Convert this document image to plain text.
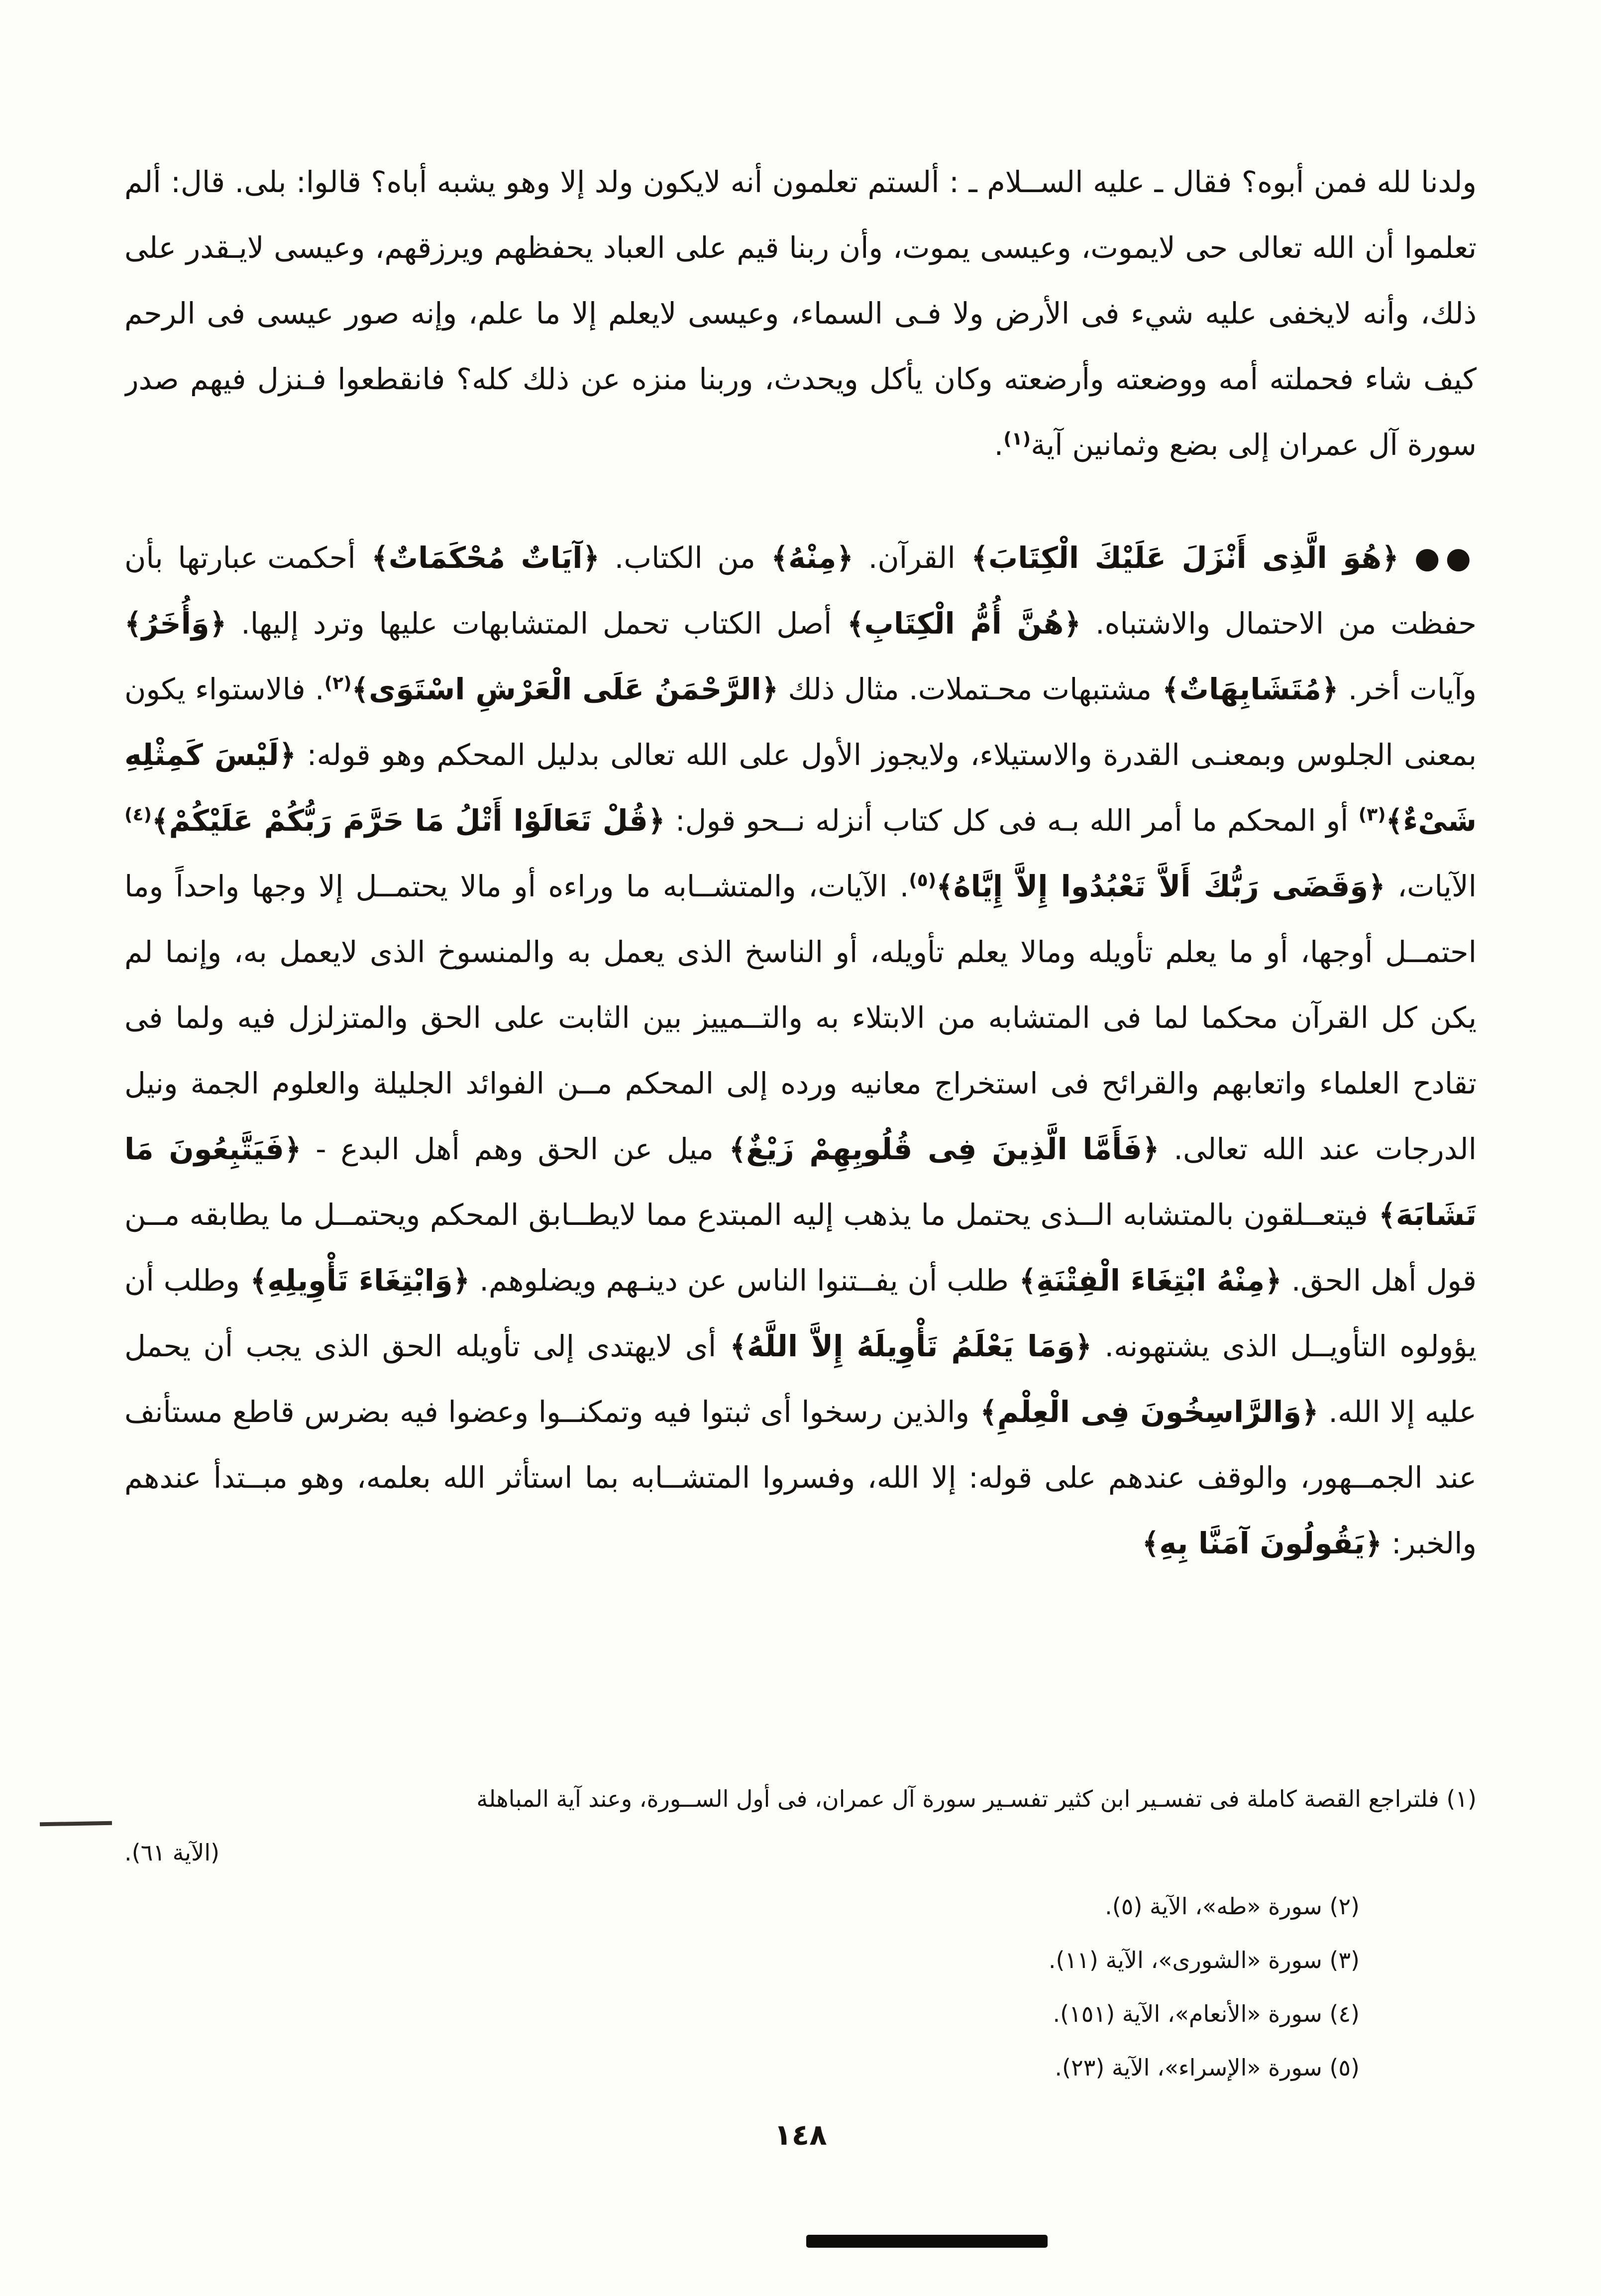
ولدنا لله فمن أبوه؟ فقال ـ عليه الســلام ـ : ألستم تعلمون أنه لايكون ولد إلا وهو يشبه أباه؟ قالوا: بلى. قال: ألم تعلموا أن الله تعالى حى لايموت، وعيسى يموت، وأن ربنا قيم على العباد يحفظهم ويرزقهم، وعيسى لايـقدر على ذلك، وأنه لايخفى عليه شيء فى الأرض ولا فـى السماء، وعيسى لايعلم إلا ما علم، وإنه صور عيسى فى الرحم كيف شاء فحملته أمه ووضعته وأرضعته وكان يأكل ويحدث، وربنا منزه عن ذلك كله؟ فانقطعوا فـنزل فيهم صدر سورة آل عمران إلى بضع وثمانين آية$^{(١)}$.

●● ﴿هُوَ الَّذِى أَنْزَلَ عَلَيْكَ الْكِتَابَ﴾ القرآن. ﴿مِنْهُ﴾ من الكتاب. ﴿آيَاتٌ مُحْكَمَاتٌ﴾ أحكمت عبارتها بأن حفظت من الاحتمال والاشتباه. ﴿هُنَّ أُمُّ الْكِتَابِ﴾ أصل الكتاب تحمل المتشابهات عليها وترد إليها. ﴿وَأُخَرُ﴾ وآيات أخر. ﴿مُتَشَابِهَاتٌ﴾ مشتبهات محـتملات. مثال ذلك ﴿الرَّحْمَنُ عَلَى الْعَرْشِ اسْتَوَى﴾$^{(٢)}$. فالاستواء يكون بمعنى الجلوس وبمعنـى القدرة والاستيلاء، ولايجوز الأول على الله تعالى بدليل المحكم وهو قوله: ﴿لَيْسَ كَمِثْلِهِ شَىْءٌ﴾$^{(٣)}$ أو المحكم ما أمر الله بـه فى كل كتاب أنزله نــحو قول: ﴿قُلْ تَعَالَوْا أَتْلُ مَا حَرَّمَ رَبُّكُمْ عَلَيْكُمْ﴾$^{(٤)}$ الآيات، ﴿وَقَضَى رَبُّكَ أَلاَّ تَعْبُدُوا إِلاَّ إِيَّاهُ﴾$^{(٥)}$. الآيات، والمتشــابه ما وراءه أو مالا يحتمــل إلا وجها واحداً وما احتمــل أوجها، أو ما يعلم تأويله ومالا يعلم تأويله، أو الناسخ الذى يعمل به والمنسوخ الذى لايعمل به، وإنما لم يكن كل القرآن محكما لما فى المتشابه من الابتلاء به والتــمييز بين الثابت على الحق والمتزلزل فيه ولما فى تقادح العلماء واتعابهم والقرائح فى استخراج معانيه ورده إلى المحكم مــن الفوائد الجليلة والعلوم الجمة ونيل الدرجات عند الله تعالى. ﴿فَأَمَّا الَّذِينَ فِى قُلُوبِهِمْ زَيْغٌ﴾ ميل عن الحق وهم أهل البدع - ﴿فَيَتَّبِعُونَ مَا تَشَابَهَ﴾ فيتعــلقون بالمتشابه الــذى يحتمل ما يذهب إليه المبتدع مما لايطــابق المحكم ويحتمــل ما يطابقه مــن قول أهل الحق. ﴿مِنْهُ ابْتِغَاءَ الْفِتْنَةِ﴾ طلب أن يفــتنوا الناس عن دينـهم ويضلوهم. ﴿وَابْتِغَاءَ تَأْوِيلِهِ﴾ وطلب أن يؤولوه التأويــل الذى يشتهونه. ﴿وَمَا يَعْلَمُ تَأْوِيلَهُ إِلاَّ اللَّهُ﴾ أى لايهتدى إلى تأويله الحق الذى يجب أن يحمل عليه إلا الله. ﴿وَالرَّاسِخُونَ فِى الْعِلْمِ﴾ والذين رسخوا أى ثبتوا فيه وتمكنــوا وعضوا فيه بضرس قاطع مستأنف عند الجمــهور، والوقف عندهم على قوله: إلا الله، وفسروا المتشــابه بما استأثر الله بعلمه، وهو مبــتدأ عندهم والخبر: ﴿يَقُولُونَ آمَنَّا بِهِ﴾

(١) فلتراجع القصة كاملة فى تفسـير ابن كثير تفسـير سورة آل عمران، فى أول الســورة، وعند آية المباهلة

(الآية ٦١).

(٢) سورة «طه»، الآية (٥).

(٣) سورة «الشورى»، الآية (١١).

(٤) سورة «الأنعام»، الآية (١٥١).

(٥) سورة «الإسراء»، الآية (٢٣).

١٤٨
